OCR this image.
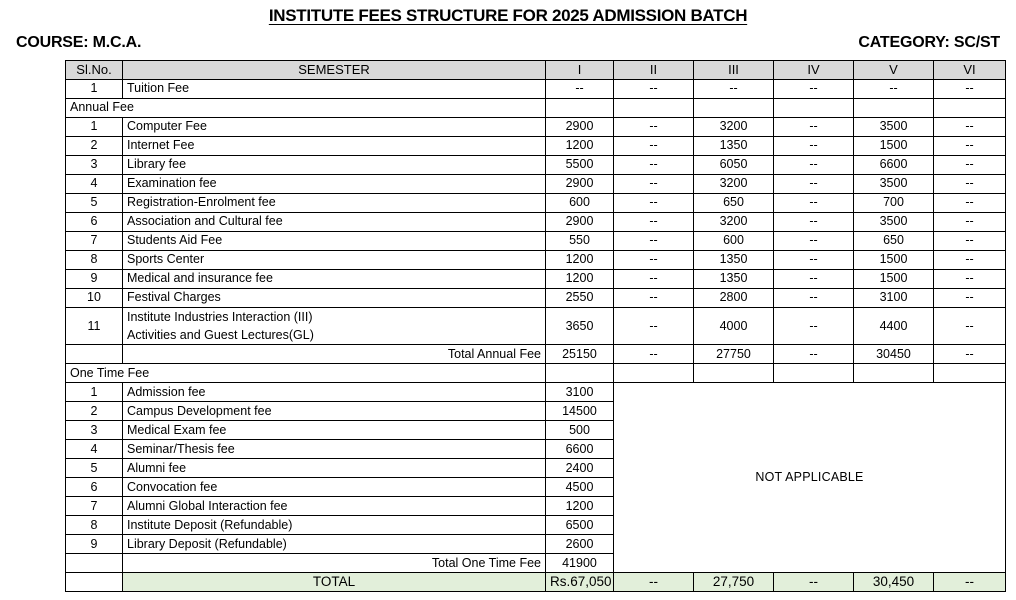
INSTITUTE FEES STRUCTURE FOR 2025 ADMISSION BATCH
COURSE: M.C.A.	CATEGORY: SC/ST
Sl.No.	SEMESTER	I	II	III	IV	V	VI
1	Tuition Fee	--	--	--	--	--	--
Annual Fee							
1	Computer Fee	2900	--	3200	--	3500	--
2	Internet Fee	1200	--	1350	--	1500	--
3	Library fee	5500	--	6050	--	6600	--
4	Examination fee	2900	--	3200	--	3500	--
5	Registration-Enrolment fee	600	--	650	--	700	--
6	Association and Cultural fee	2900	--	3200	--	3500	--
7	Students Aid Fee	550	--	600	--	650	--
8	Sports Center	1200	--	1350	--	1500	--
9	Medical and insurance fee	1200	--	1350	--	1500	--
10	Festival Charges	2550	--	2800	--	3100	--
11	Institute Industries Interaction (III)
Activities and Guest Lectures(GL)	3650	--	4000	--	4400	--
	Total Annual Fee	25150	--	27750	--	30450	--
One Time Fee							
1	Admission fee	3100	NOT APPLICABLE				
2	Campus Development fee	14500					
3	Medical Exam fee	500					
4	Seminar/Thesis fee	6600					
5	Alumni fee	2400					
6	Convocation fee	4500					
7	Alumni Global Interaction fee	1200					
8	Institute Deposit (Refundable)	6500					
9	Library Deposit (Refundable)	2600					
	Total One Time Fee	41900					
	TOTAL	Rs.67,050	--	27,750	--	30,450	--
